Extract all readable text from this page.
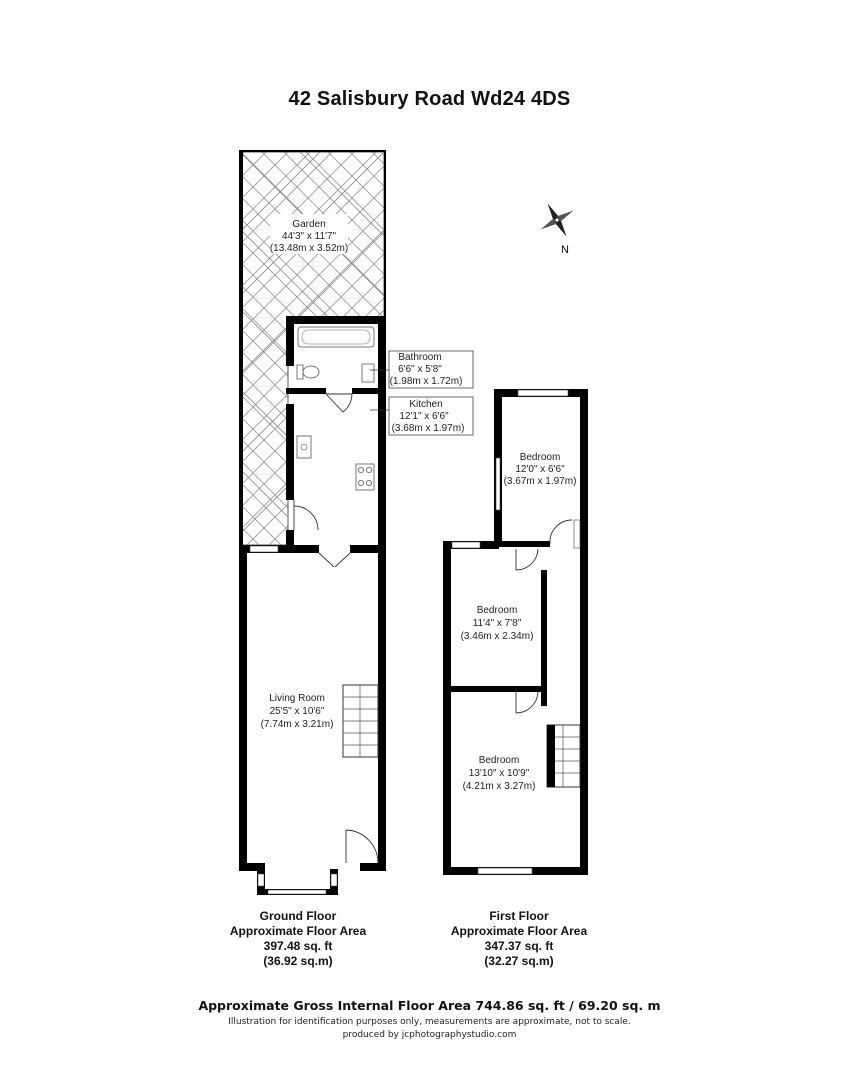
42 Salisbury Road Wd24 4DS
Garden
44'3" x 11'7"
(13.48m x 3.52m)
Bathroom
6'6" x 5'8"
(1.98m x 1.72m)
Kitchen
12'1" x 6'6"
(3.68m x 1.97m)
Living Room
25'5" x 10'6"
(7.74m x 3.21m)
Bedroom
12'0" x 6'6"
(3.67m x 1.97m)
Bedroom
11'4" x 7'8"
(3.46m x 2.34m)
Bedroom
13'10" x 10'9"
(4.21m x 3.27m)
N
Ground Floor
Approximate Floor Area
397.48 sq. ft
(36.92 sq.m)
First Floor
Approximate Floor Area
347.37 sq. ft
(32.27 sq.m)
Approximate Gross Internal Floor Area 744.86 sq. ft / 69.20 sq. m
Illustration for identification purposes only, measurements are approximate, not to scale.
produced by jcphotographystudio.com
